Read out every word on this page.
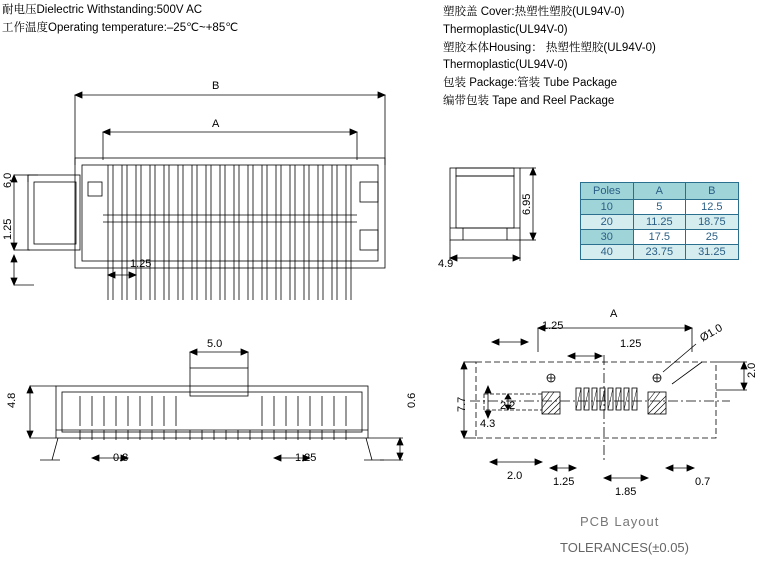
耐电压Dielectric Withstanding:500V AC
工作温度Operating temperature:–25℃~+85℃
塑胶盖 Cover:热塑性塑胶(UL94V-0)
Thermoplastic(UL94V-0)
塑胶本体Housing： 热塑性塑胶(UL94V-0)
Thermoplastic(UL94V-0)
包装 Package:管装 Tube Package
编带包装 Tape and Reel Package
Poles	A	B
10	5	12.5
20	11.25	18.75
30	17.5	25
40	23.75	31.25
B
A
6.0
1.25
1.25
6.95
4.9
5.0
4.8	0.6
0.8	1.25
A
1.25
1.25	Ø1.0
2.0
7.7
4.3
2.2
2.0	1.25
1.85
0.7
PCB Layout
TOLERANCES(±0.05)
